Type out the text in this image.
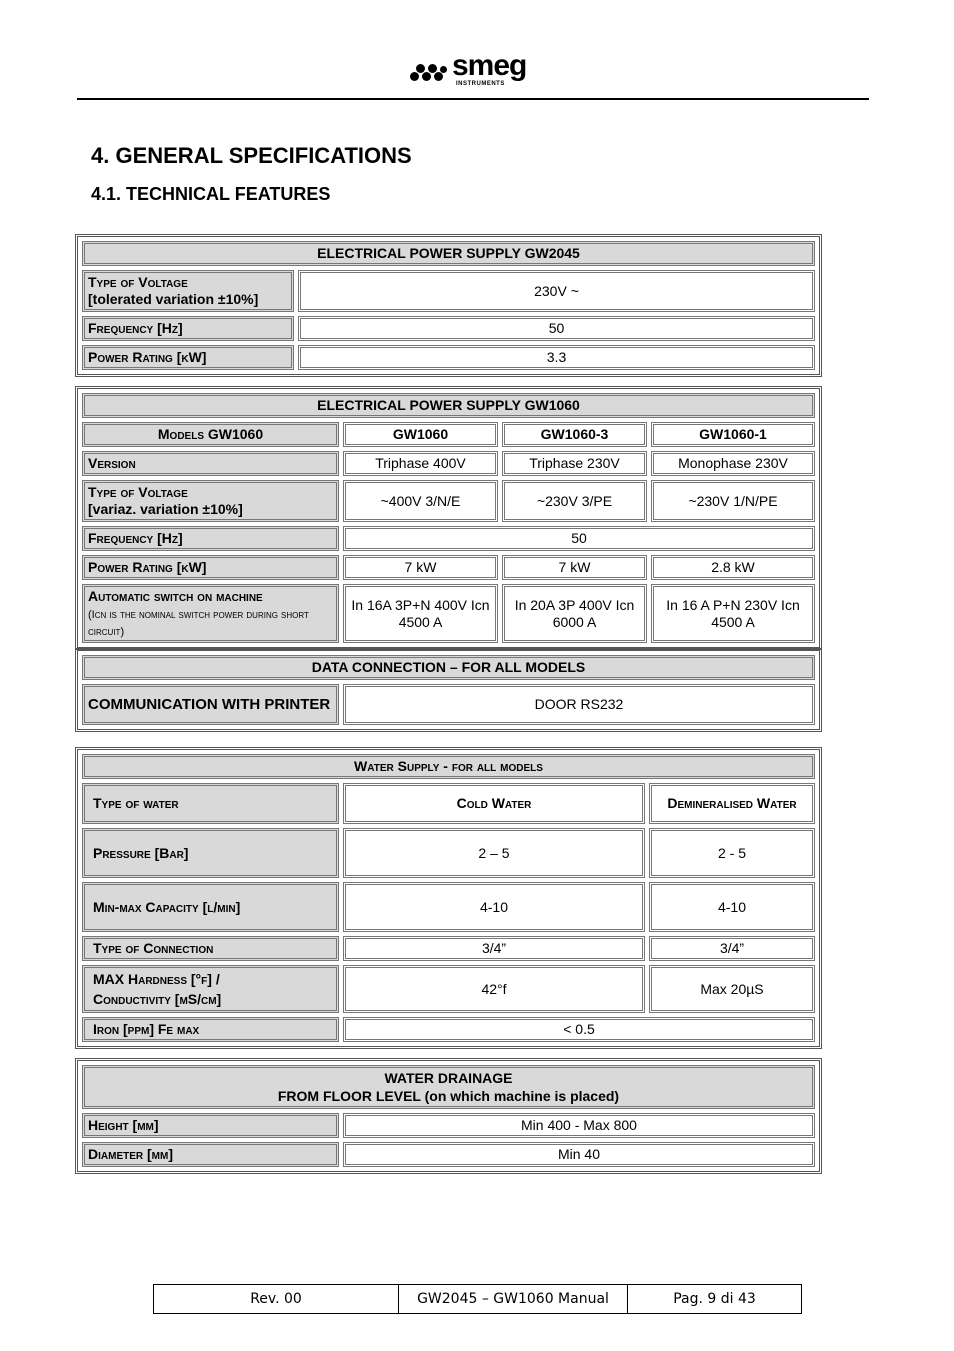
smeg
INSTRUMENTS
4. GENERAL SPECIFICATIONS
4.1. TECHNICAL FEATURES
ELECTRICAL POWER SUPPLY GW2045	
Type of Voltage
[tolerated variation ±10%]	230V ~
Frequency [Hz]	50
Power Rating [kW]	3.3
ELECTRICAL POWER SUPPLY GW1060			
Models GW1060	GW1060	GW1060-3	GW1060-1
Version	Triphase 400V	Triphase 230V	Monophase 230V
Type of Voltage
[variaz. variation ±10%]	~400V 3/N/E	~230V 3/PE	~230V 1/N/PE
Frequency [Hz]	50		
Power Rating [kW]	7 kW	7 kW	2.8 kW
Automatic switch on machine
(Icn is the nominal switch power during short circuit)	In 16A 3P+N 400V Icn 4500 A	In 20A 3P 400V Icn 6000 A	In 16 A P+N 230V Icn 4500 A
DATA CONNECTION – FOR ALL MODELS
COMMUNICATION WITH PRINTER	DOOR RS232
Water Supply - for all models		
Type of water	Cold Water	Demineralised Water
Pressure [Bar]	2 – 5	2 - 5
Min-max Capacity [l/min]	4-10	4-10
Type of Connection	3/4”	3/4”
MAX Hardness [°f] /
Conductivity [µS/cm]	42°f	Max 20µS
Iron [ppm] Fe max	< 0.5	
WATER DRAINAGE
FROM FLOOR LEVEL (on which machine is placed)	
Height [mm]	Min 400 - Max 800
Diameter [mm]	Min 40
Rev. 00	GW2045 – GW1060 Manual	Pag. 9 di 43
